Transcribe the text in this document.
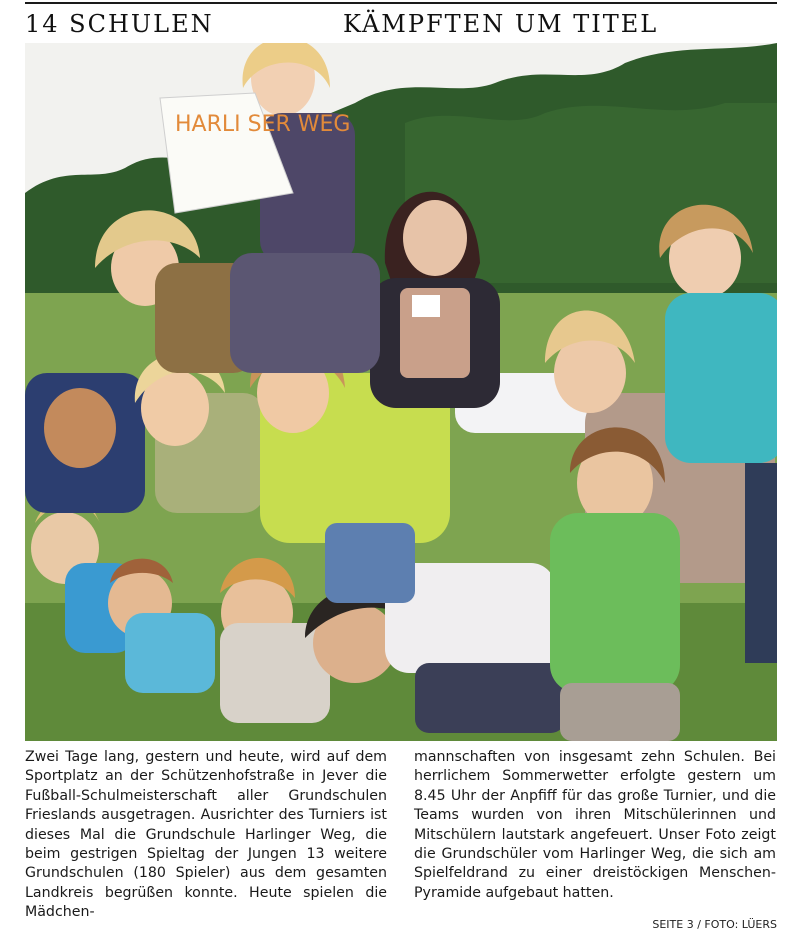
14 SCHULEN	KÄMPFTEN UM TITEL
HARLI SER WEG
Zwei Tage lang, gestern und heute, wird auf dem Sportplatz an der Schützenhofstraße in Jever die Fußball-Schulmeisterschaft aller Grundschulen Frieslands ausgetragen. Ausrichter des Turniers ist dieses Mal die Grundschule Harlinger Weg, die beim gestrigen Spieltag der Jungen 13 weitere Grundschulen (180 Spieler) aus dem gesamten Landkreis begrüßen konnte. Heute spielen die Mädchen-
mannschaften von insgesamt zehn Schulen. Bei herrlichem Sommerwetter erfolgte gestern um 8.45 Uhr der Anpfiff für das große Turnier, und die Teams wurden von ihren Mitschülerinnen und Mitschülern lautstark angefeuert. Unser Foto zeigt die Grundschüler vom Harlinger Weg, die sich am Spielfeldrand zu einer dreistöckigen Menschen-Pyramide aufgebaut hatten.
SEITE 3 / FOTO: LÜERS
